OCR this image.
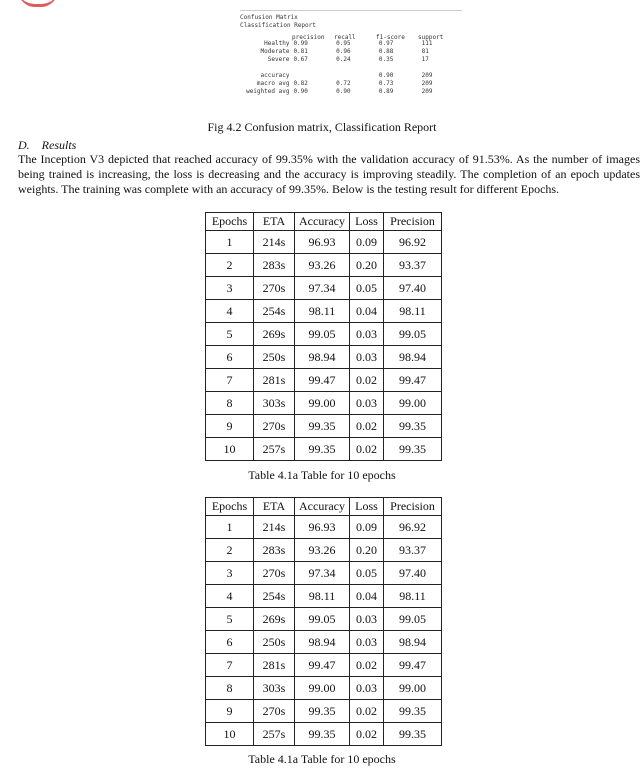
Confusion Matrix
Classification Report
precision recall	f1-score support
Healthy	0.99	0.95	0.97	111
Moderate	0.81	0.96	0.88	81
Severe	0.67	0.24	0.35	17

accuracy			0.90	209
macro avg	0.82	0.72	0.73	209
weighted avg	0.90	0.90	0.89	209
Fig 4.2 Confusion matrix, Classification Report
D. Results
The Inception V3 depicted that reached accuracy of 99.35% with the validation accuracy of 91.53%. As the number of images being trained is increasing, the loss is decreasing and the accuracy is improving steadily. The completion of an epoch updates weights. The training was complete with an accuracy of 99.35%. Below is the testing result for different Epochs.
Epochs	ETA	Accuracy	Loss	Precision
1	214s	96.93	0.09	96.92
2	283s	93.26	0.20	93.37
3	270s	97.34	0.05	97.40
4	254s	98.11	0.04	98.11
5	269s	99.05	0.03	99.05
6	250s	98.94	0.03	98.94
7	281s	99.47	0.02	99.47
8	303s	99.00	0.03	99.00
9	270s	99.35	0.02	99.35
10	257s	99.35	0.02	99.35
Table 4.1a Table for 10 epochs
Epochs	ETA	Accuracy	Loss	Precision
1	214s	96.93	0.09	96.92
2	283s	93.26	0.20	93.37
3	270s	97.34	0.05	97.40
4	254s	98.11	0.04	98.11
5	269s	99.05	0.03	99.05
6	250s	98.94	0.03	98.94
7	281s	99.47	0.02	99.47
8	303s	99.00	0.03	99.00
9	270s	99.35	0.02	99.35
10	257s	99.35	0.02	99.35
Table 4.1a Table for 10 epochs
